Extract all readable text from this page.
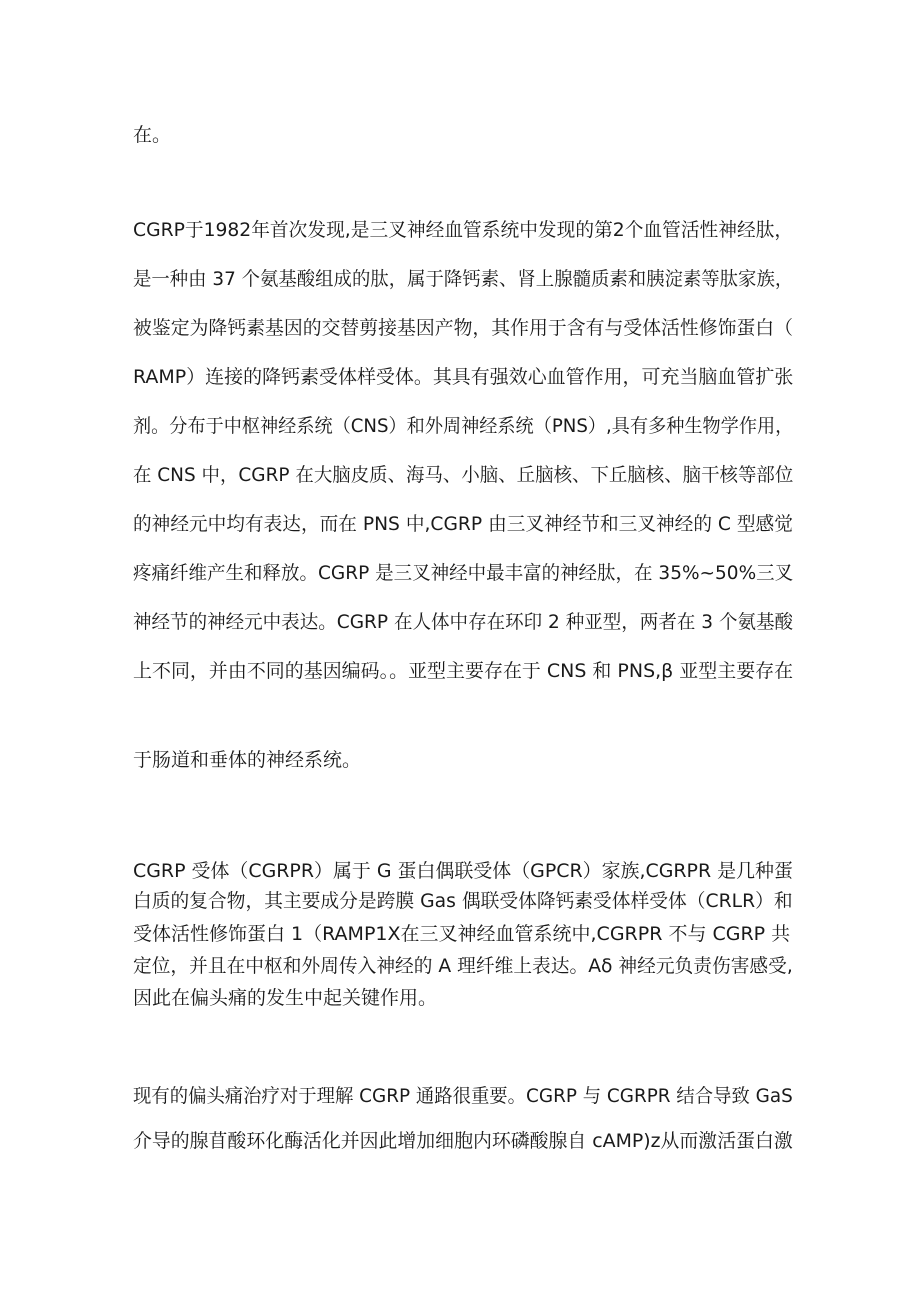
在。
CGRP于1982年首次发现,是三叉神经血管系统中发现的第2个血管活性神经肽，
是一种由 37 个氨基酸组成的肽，属于降钙素、肾上腺髓质素和胰淀素等肽家族，
被鉴定为降钙素基因的交替剪接基因产物，其作用于含有与受体活性修饰蛋白（
RAMP）连接的降钙素受体样受体。其具有强效心血管作用，可充当脑血管扩张
剂。分布于中枢神经系统（CNS）和外周神经系统（PNS）,具有多种生物学作用，
在 CNS 中，CGRP 在大脑皮质、海马、小脑、丘脑核、下丘脑核、脑干核等部位
的神经元中均有表达，而在 PNS 中,CGRP 由三叉神经节和三叉神经的 C 型感觉
疼痛纤维产生和释放。CGRP 是三叉神经中最丰富的神经肽，在 35%~50%三叉
神经节的神经元中表达。CGRP 在人体中存在环印 2 种亚型，两者在 3 个氨基酸
上不同，并由不同的基因编码。。亚型主要存在于 CNS 和 PNS,β 亚型主要存在
于肠道和垂体的神经系统。
CGRP 受体（CGRPR）属于 G 蛋白偶联受体（GPCR）家族,CGRPR 是几种蛋
白质的复合物，其主要成分是跨膜 Gas 偶联受体降钙素受体样受体（CRLR）和
受体活性修饰蛋白 1（RAMP1X在三叉神经血管系统中,CGRPR 不与 CGRP 共
定位，并且在中枢和外周传入神经的 A 理纤维上表达。Aδ 神经元负责伤害感受,
因此在偏头痛的发生中起关键作用。
现有的偏头痛治疗对于理解 CGRP 通路很重要。CGRP 与 CGRPR 结合导致 GaS
介导的腺苜酸环化酶活化并因此增加细胞内环磷酸腺自 cAMP)z从而激活蛋白激
